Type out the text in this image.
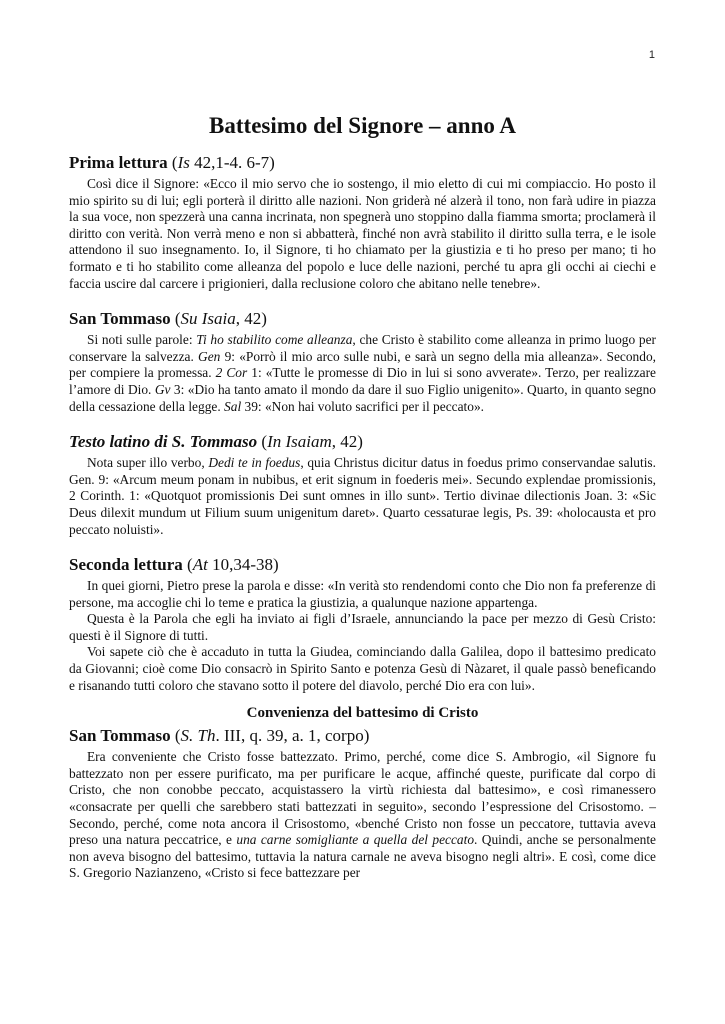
1
Battesimo del Signore – anno A
Prima lettura (Is 42,1-4. 6-7)

Così dice il Signore: «Ecco il mio servo che io sostengo, il mio eletto di cui mi compiaccio. Ho posto il mio spirito su di lui; egli porterà il diritto alle nazioni. Non griderà né alzerà il tono, non farà udire in piazza la sua voce, non spezzerà una canna incrinata, non spegnerà uno stoppino dalla fiamma smorta; proclamerà il diritto con verità. Non verrà meno e non si abbatterà, finché non avrà stabilito il diritto sulla terra, e le isole attendono il suo insegnamento. Io, il Signore, ti ho chiamato per la giustizia e ti ho preso per mano; ti ho formato e ti ho stabilito come alleanza del popolo e luce delle nazioni, perché tu apra gli occhi ai ciechi e faccia uscire dal carcere i prigionieri, dalla reclusione coloro che abitano nelle tenebre».

San Tommaso (Su Isaia, 42)

Si noti sulle parole: Ti ho stabilito come alleanza, che Cristo è stabilito come alleanza in primo luogo per conservare la salvezza. Gen 9: «Porrò il mio arco sulle nubi, e sarà un segno della mia alleanza». Secondo, per compiere la promessa. 2 Cor 1: «Tutte le promesse di Dio in lui si sono avverate». Terzo, per realizzare l’amore di Dio. Gv 3: «Dio ha tanto amato il mondo da dare il suo Figlio unigenito». Quarto, in quanto segno della cessazione della legge. Sal 39: «Non hai voluto sacrifici per il peccato».

Testo latino di S. Tommaso (In Isaiam, 42)

Nota super illo verbo, Dedi te in foedus, quia Christus dicitur datus in foedus primo conservandae salutis. Gen. 9: «Arcum meum ponam in nubibus, et erit signum in foederis mei». Secundo explendae promissionis, 2 Corinth. 1: «Quotquot promissionis Dei sunt omnes in illo sunt». Tertio divinae dilectionis Joan. 3: «Sic Deus dilexit mundum ut Filium suum unigenitum daret». Quarto cessaturae legis, Ps. 39: «holocausta et pro peccato noluisti».

Seconda lettura (At 10,34-38)

In quei giorni, Pietro prese la parola e disse: «In verità sto rendendomi conto che Dio non fa preferenze di persone, ma accoglie chi lo teme e pratica la giustizia, a qualunque nazione appartenga.

Questa è la Parola che egli ha inviato ai figli d’Israele, annunciando la pace per mezzo di Gesù Cristo: questi è il Signore di tutti.

Voi sapete ciò che è accaduto in tutta la Giudea, cominciando dalla Galilea, dopo il battesimo predicato da Giovanni; cioè come Dio consacrò in Spirito Santo e potenza Gesù di Nàzaret, il quale passò beneficando e risanando tutti coloro che stavano sotto il potere del diavolo, perché Dio era con lui».

Convenienza del battesimo di Cristo
San Tommaso (S. Th. III, q. 39, a. 1, corpo)

Era conveniente che Cristo fosse battezzato. Primo, perché, come dice S. Ambrogio, «il Signore fu battezzato non per essere purificato, ma per purificare le acque, affinché queste, purificate dal corpo di Cristo, che non conobbe peccato, acquistassero la virtù richiesta dal battesimo», e così rimanessero «consacrate per quelli che sarebbero stati battezzati in seguito», secondo l’espressione del Crisostomo. – Secondo, perché, come nota ancora il Crisostomo, «benché Cristo non fosse un peccatore, tuttavia aveva preso una natura peccatrice, e una carne somigliante a quella del peccato. Quindi, anche se personalmente non aveva bisogno del battesimo, tuttavia la natura carnale ne aveva bisogno negli altri». E così, come dice S. Gregorio Nazianzeno, «Cristo si fece battezzare per
